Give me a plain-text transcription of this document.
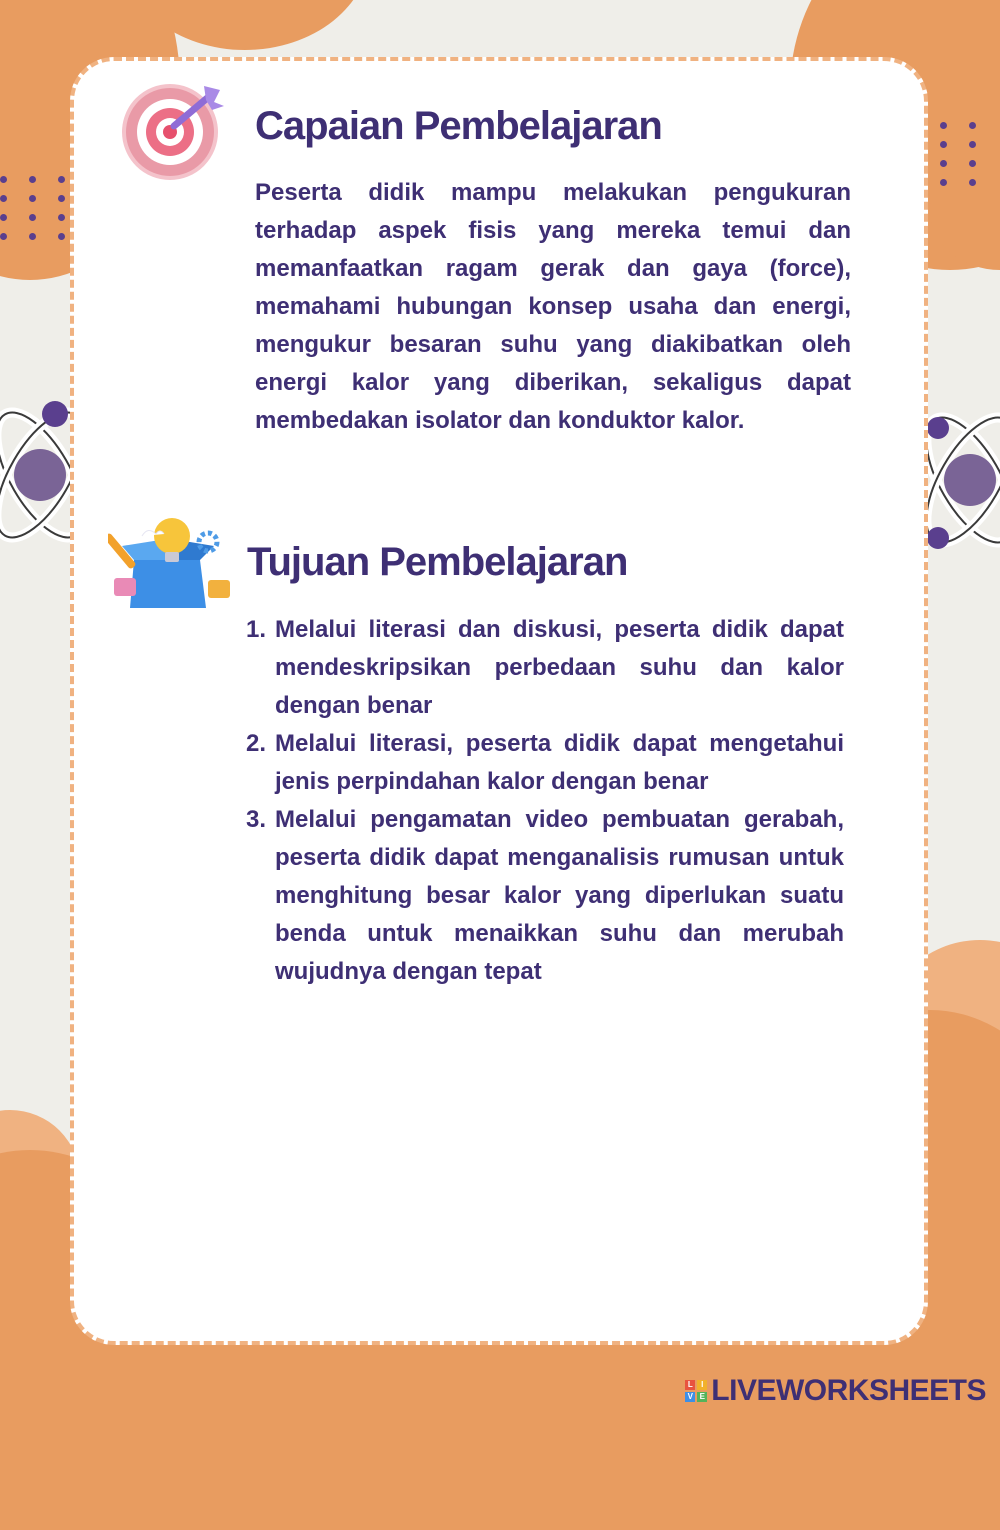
Capaian Pembelajaran

Peserta didik mampu melakukan pengukuran terhadap aspek fisis yang mereka temui dan memanfaatkan ragam gerak dan gaya (force), memahami hubungan konsep usaha dan energi, mengukur besaran suhu yang diakibatkan oleh energi kalor yang diberikan, sekaligus dapat membedakan isolator dan konduktor kalor.

Tujuan Pembelajaran
1. Melalui literasi dan diskusi, peserta didik dapat mendeskripsikan perbedaan suhu dan kalor dengan benar
2. Melalui literasi, peserta didik dapat mengetahui jenis perpindahan kalor dengan benar
3. Melalui pengamatan video pembuatan gerabah, peserta didik dapat menganalisis rumusan untuk menghitung besar kalor yang diperlukan suatu benda untuk menaikkan suhu dan merubah wujudnya dengan tepat
L	I
V E LIVEWORKSHEETS
